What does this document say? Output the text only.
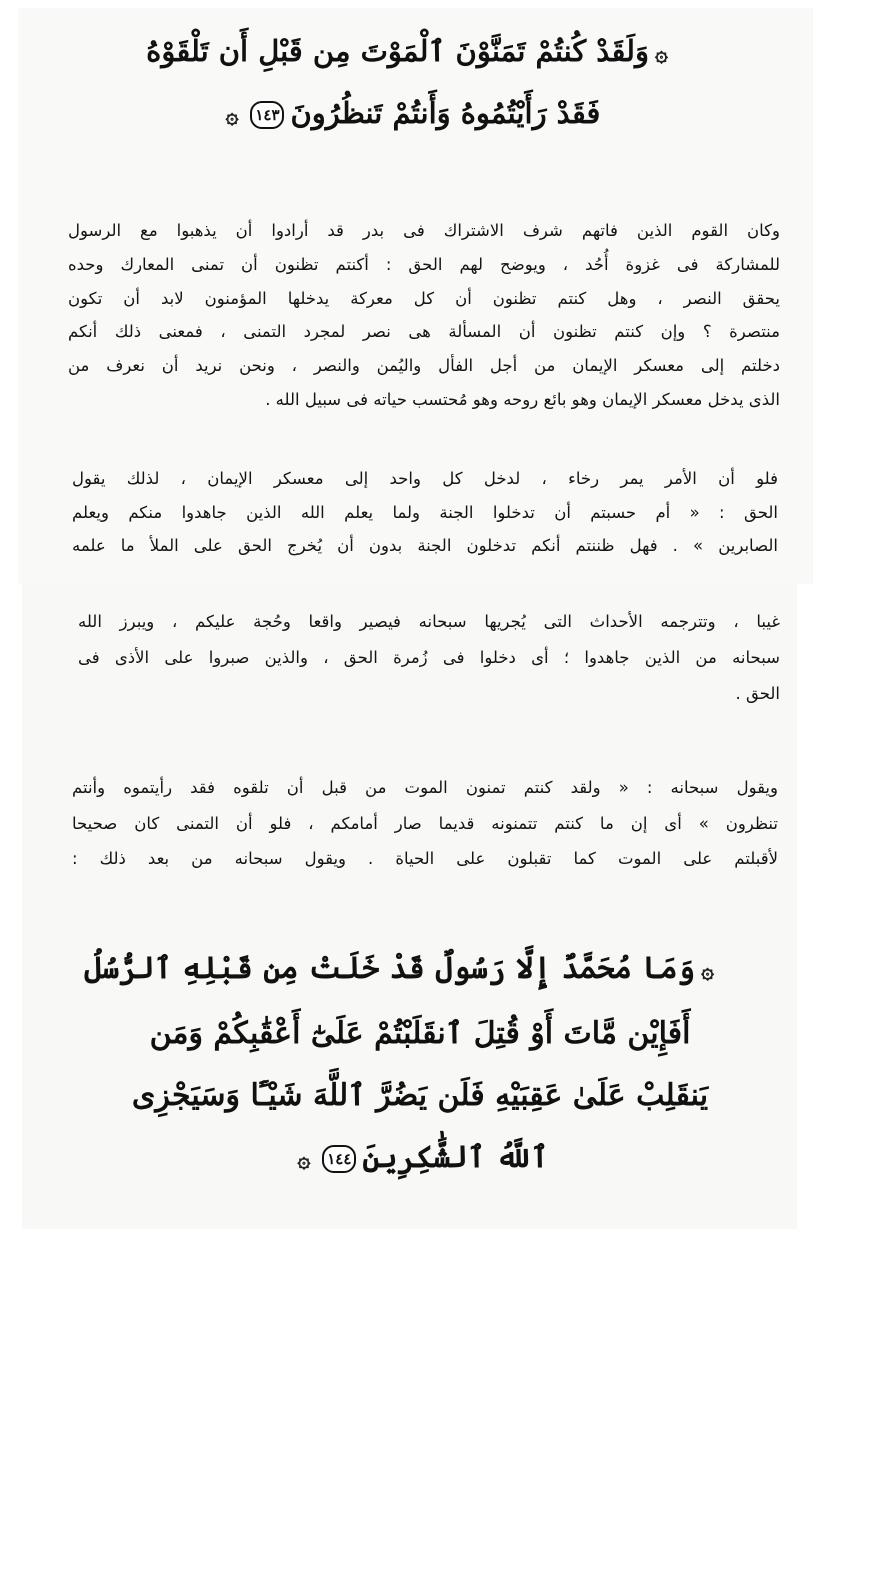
۞وَلَقَدْ كُنتُمْ تَمَنَّوْنَ ٱلْمَوْتَ مِن قَبْلِ أَن تَلْقَوْهُ
فَقَدْ رَأَيْتُمُوهُ وَأَنتُمْ تَنظُرُونَ١٤٣۞
وكان القوم الذين فاتهم شرف الاشتراك فى بدر قد أرادوا أن يذهبوا مع الرسول
للمشاركة فى غزوة أُحُد ، ويوضح لهم الحق : أكنتم تظنون أن تمنى المعارك وحده
يحقق النصر ، وهل كنتم تظنون أن كل معركة يدخلها المؤمنون لابد أن تكون
منتصرة ؟ وإن كنتم تظنون أن المسألة هى نصر لمجرد التمنى ، فمعنى ذلك أنكم
دخلتم إلى معسكر الإيمان من أجل الفأل واليُمن والنصر ، ونحن نريد أن نعرف من
الذى يدخل معسكر الإيمان وهو بائع روحه وهو مُحتسب حياته فى سبيل الله .
فلو أن الأمر يمر رخاء ، لدخل كل واحد إلى معسكر الإيمان ، لذلك يقول
الحق : « أم حسبتم أن تدخلوا الجنة ولما يعلم الله الذين جاهدوا منكم ويعلم
الصابرين » . فهل ظننتم أنكم تدخلون الجنة بدون أن يُخرج الحق على الملأ ما علمه
غيبا ، وتترجمه الأحداث التى يُجريها سبحانه فيصير واقعا وحُجة عليكم ، ويبرز الله
سبحانه من الذين جاهدوا ؛ أى دخلوا فى زُمرة الحق ، والذين صبروا على الأذى فى
الحق .
ويقول سبحانه : « ولقد كنتم تمنون الموت من قبل أن تلقوه فقد رأيتموه وأنتم
تنظرون » أى إن ما كنتم تتمنونه قديما صار أمامكم ، فلو أن التمنى كان صحيحا
لأقبلتم على الموت كما تقبلون على الحياة . ويقول سبحانه من بعد ذلك :
۞وَمَا مُحَمَّدٌ إِلَّا رَسُولٌ قَدْ خَلَتْ مِن قَبْلِهِ ٱلرُّسُلُ
أَفَإِيْن مَّاتَ أَوْ قُتِلَ ٱنقَلَبْتُمْ عَلَىٰٓ أَعْقَٰبِكُمْ وَمَن
يَنقَلِبْ عَلَىٰ عَقِبَيْهِ فَلَن يَضُرَّ ٱللَّهَ شَيْـًٔا وَسَيَجْزِى
ٱللَّهُ ٱلشَّٰكِرِينَ١٤٤۞
